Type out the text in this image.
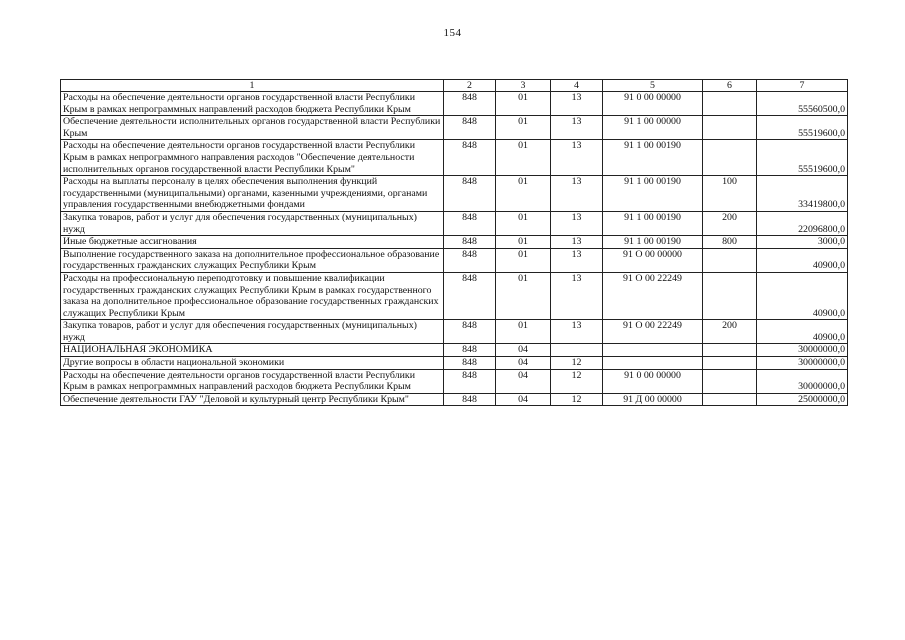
154
1	2	3	4	5	6	7
Расходы на обеспечение деятельности органов государственной власти Республики Крым в рамках непрограммных направлений расходов бюджета Республики Крым	848	01	13	91 0 00 00000		55560500,0
Обеспечение деятельности исполнительных органов государственной власти Республики Крым	848	01	13	91 1 00 00000		55519600,0
Расходы на обеспечение деятельности органов государственной власти Республики Крым в рамках непрограммного направления расходов "Обеспечение деятельности исполнительных органов государственной власти Республики Крым"	848	01	13	91 1 00 00190		55519600,0
Расходы на выплаты персоналу в целях обеспечения выполнения функций государственными (муниципальными) органами, казенными учреждениями, органами управления государственными внебюджетными фондами	848	01	13	91 1 00 00190	100	33419800,0
Закупка товаров, работ и услуг для обеспечения государственных (муниципальных) нужд	848	01	13	91 1 00 00190	200	22096800,0
Иные бюджетные ассигнования	848	01	13	91 1 00 00190	800	3000,0
Выполнение государственного заказа на дополнительное профессиональное образование государственных гражданских служащих Республики Крым	848	01	13	91 О 00 00000		40900,0
Расходы на профессиональную переподготовку и повышение квалификации государственных гражданских служащих Республики Крым в рамках государственного заказа на дополнительное профессиональное образование государственных гражданских служащих Республики Крым	848	01	13	91 О 00 22249		40900,0
Закупка товаров, работ и услуг для обеспечения государственных (муниципальных) нужд	848	01	13	91 О 00 22249	200	40900,0
НАЦИОНАЛЬНАЯ ЭКОНОМИКА	848	04				30000000,0
Другие вопросы в области национальной экономики	848	04	12			30000000,0
Расходы на обеспечение деятельности органов государственной власти Республики Крым в рамках непрограммных направлений расходов бюджета Республики Крым	848	04	12	91 0 00 00000		30000000,0
Обеспечение деятельности ГАУ "Деловой и культурный центр Республики Крым"	848	04	12	91 Д 00 00000		25000000,0
